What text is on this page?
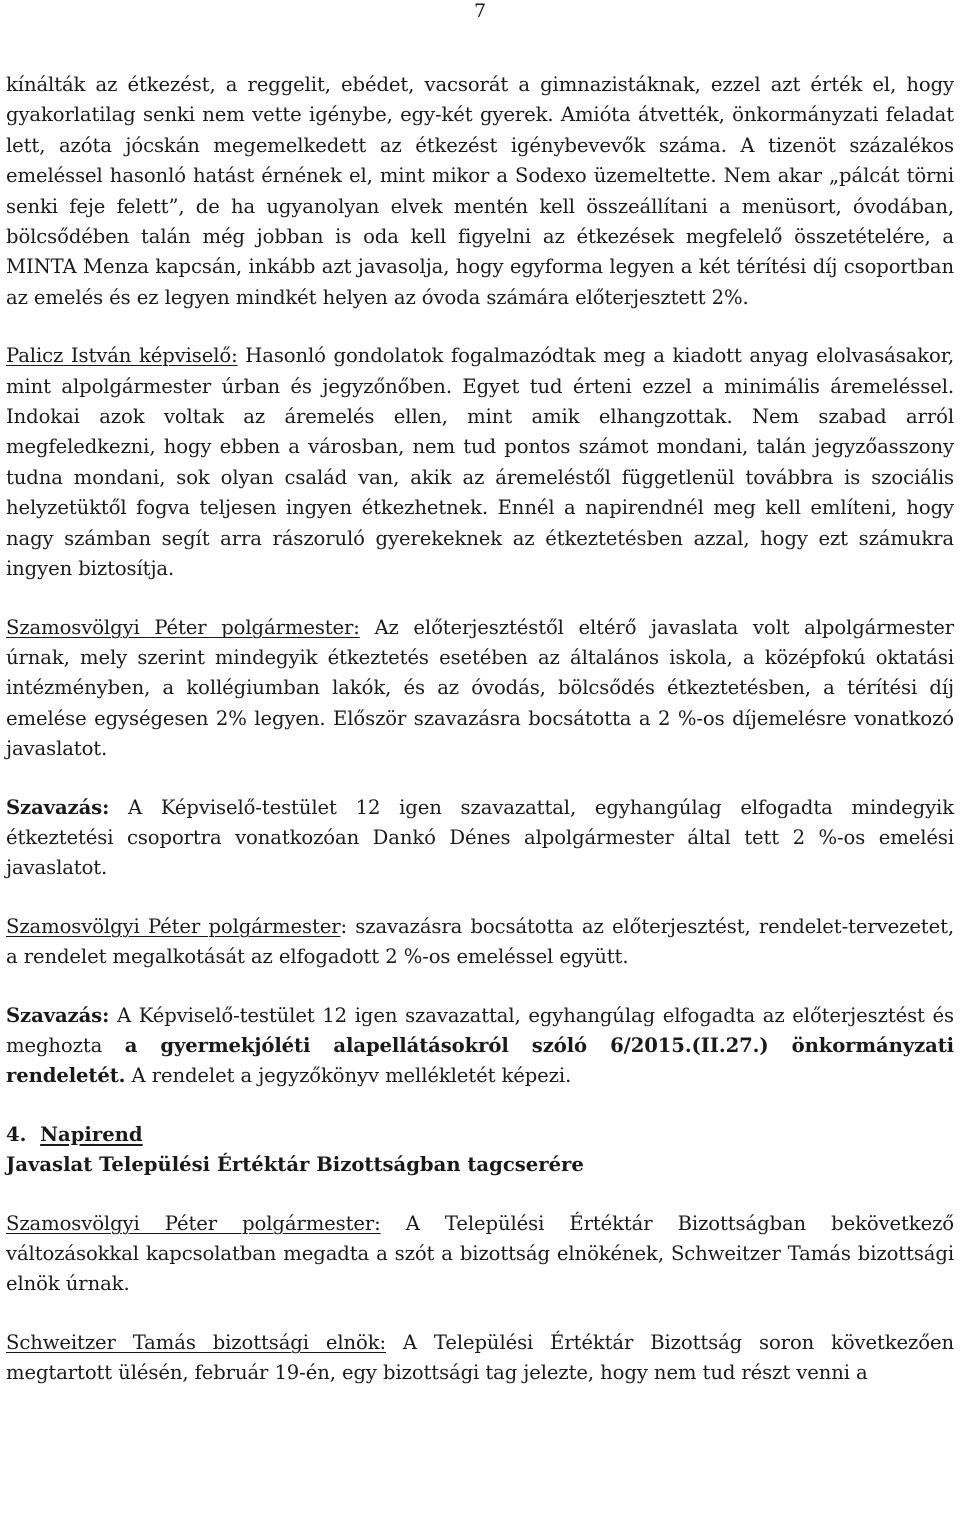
7

kínálták az étkezést, a reggelit, ebédet, vacsorát a gimnazistáknak, ezzel azt érték el, hogy gyakorlatilag senki nem vette igénybe, egy-két gyerek. Amióta átvették, önkormányzati feladat lett, azóta jócskán megemelkedett az étkezést igénybevevők száma. A tizenöt százalékos emeléssel hasonló hatást érnének el, mint mikor a Sodexo üzemeltette. Nem akar „pálcát törni senki feje felett”, de ha ugyanolyan elvek mentén kell összeállítani a menüsort, óvodában, bölcsődében talán még jobban is oda kell figyelni az étkezések megfelelő összetételére, a MINTA Menza kapcsán, inkább azt javasolja, hogy egyforma legyen a két térítési díj csoportban az emelés és ez legyen mindkét helyen az óvoda számára előterjesztett 2%.

Palicz István képviselő: Hasonló gondolatok fogalmazódtak meg a kiadott anyag elolvasásakor, mint alpolgármester úrban és jegyzőnőben. Egyet tud érteni ezzel a minimális áremeléssel. Indokai azok voltak az áremelés ellen, mint amik elhangzottak. Nem szabad arról megfeledkezni, hogy ebben a városban, nem tud pontos számot mondani, talán jegyzőasszony tudna mondani, sok olyan család van, akik az áremeléstől függetlenül továbbra is szociális helyzetüktől fogva teljesen ingyen étkezhetnek. Ennél a napirendnél meg kell említeni, hogy nagy számban segít arra rászoruló gyerekeknek az étkeztetésben azzal, hogy ezt számukra ingyen biztosítja.

Szamosvölgyi Péter polgármester: Az előterjesztéstől eltérő javaslata volt alpolgármester úrnak, mely szerint mindegyik étkeztetés esetében az általános iskola, a középfokú oktatási intézményben, a kollégiumban lakók, és az óvodás, bölcsődés étkeztetésben, a térítési díj emelése egységesen 2% legyen. Először szavazásra bocsátotta a 2 %-os díjemelésre vonatkozó javaslatot.

Szavazás: A Képviselő-testület 12 igen szavazattal, egyhangúlag elfogadta mindegyik étkeztetési csoportra vonatkozóan Dankó Dénes alpolgármester által tett 2 %-os emelési javaslatot.

Szamosvölgyi Péter polgármester: szavazásra bocsátotta az előterjesztést, rendelet-tervezetet, a rendelet megalkotását az elfogadott 2 %-os emeléssel együtt.

Szavazás: A Képviselő-testület 12 igen szavazattal, egyhangúlag elfogadta az előterjesztést és meghozta a gyermekjóléti alapellátásokról szóló 6/2015.(II.27.) önkormányzati rendeletét. A rendelet a jegyzőkönyv mellékletét képezi.

4. Napirend

Javaslat Települési Értéktár Bizottságban tagcserére

Szamosvölgyi Péter polgármester: A Települési Értéktár Bizottságban bekövetkező változásokkal kapcsolatban megadta a szót a bizottság elnökének, Schweitzer Tamás bizottsági elnök úrnak.

Schweitzer Tamás bizottsági elnök: A Települési Értéktár Bizottság soron következően megtartott ülésén, február 19-én, egy bizottsági tag jelezte, hogy nem tud részt venni a
